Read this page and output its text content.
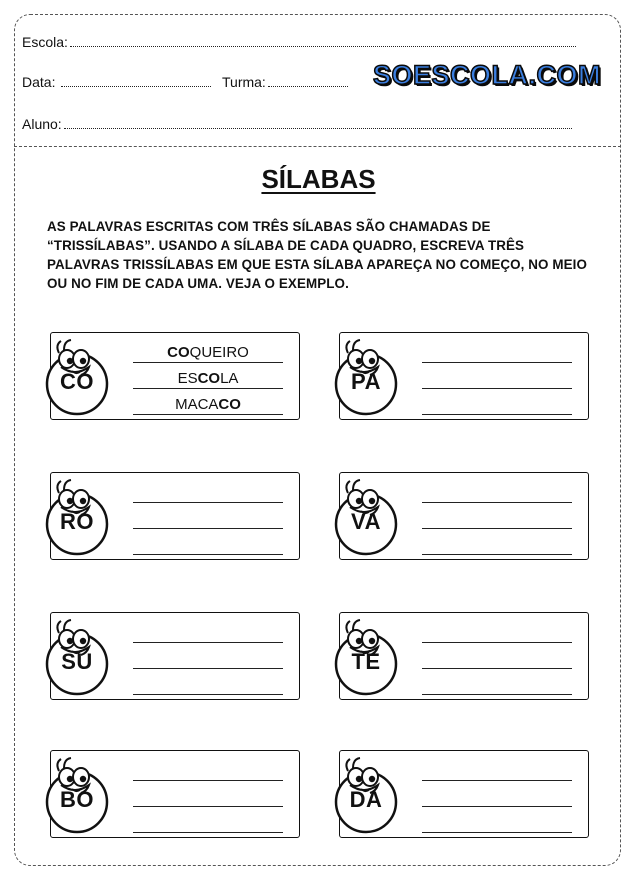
Escola:
Data:	Turma:
Aluno:
SOESCOLA.COM
SÍLABAS
AS PALAVRAS ESCRITAS COM TRÊS SÍLABAS SÃO CHAMADAS DE “TRISSÍLABAS”. USANDO A SÍLABA DE CADA QUADRO, ESCREVA TRÊS PALAVRAS TRISSÍLABAS EM QUE ESTA SÍLABA APAREÇA NO COMEÇO, NO MEIO OU NO FIM DE CADA UMA. VEJA O EXEMPLO.
CO
COQUEIRO
ESCOLA
MACACO
PA
RO	VA
SU	TE
BO	DA
